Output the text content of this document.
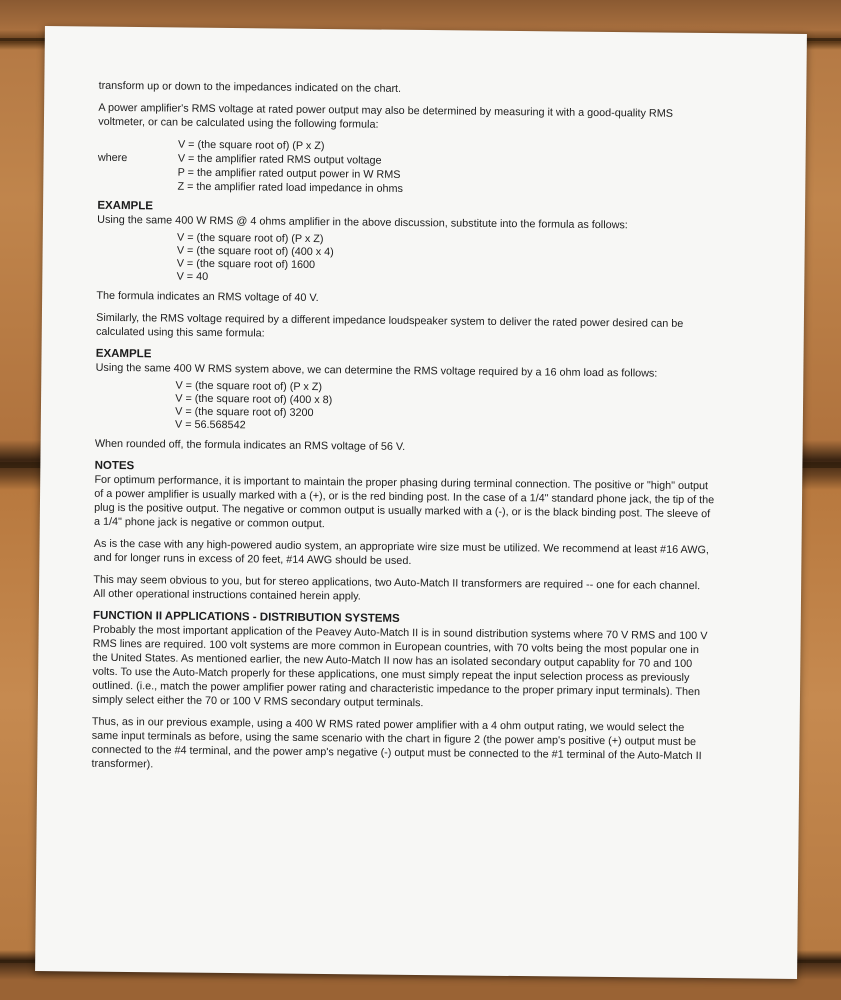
transform up or down to the impedances indicated on the chart.
A power amplifier's RMS voltage at rated power output may also be determined by measuring it with a good-quality RMS voltmeter, or can be calculated using the following formula:
V = (the square root of) (P x Z)
where	V = the amplifier rated RMS output voltage
P = the amplifier rated output power in W RMS
Z = the amplifier rated load impedance in ohms
EXAMPLE
Using the same 400 W RMS @ 4 ohms amplifier in the above discussion, substitute into the formula as follows:
V = (the square root of) (P x Z)
V = (the square root of) (400 x 4)
V = (the square root of) 1600
V = 40
The formula indicates an RMS voltage of 40 V.
Similarly, the RMS voltage required by a different impedance loudspeaker system to deliver the rated power desired can be calculated using this same formula:
EXAMPLE
Using the same 400 W RMS system above, we can determine the RMS voltage required by a 16 ohm load as follows:
V = (the square root of) (P x Z)
V = (the square root of) (400 x 8)
V = (the square root of) 3200
V = 56.568542
When rounded off, the formula indicates an RMS voltage of 56 V.
NOTES
For optimum performance, it is important to maintain the proper phasing during terminal connection. The positive or "high" output of a power amplifier is usually marked with a (+), or is the red binding post. In the case of a 1/4" standard phone jack, the tip of the plug is the positive output. The negative or common output is usually marked with a (-), or is the black binding post. The sleeve of a 1/4" phone jack is negative or common output.
As is the case with any high-powered audio system, an appropriate wire size must be utilized. We recommend at least #16 AWG, and for longer runs in excess of 20 feet, #14 AWG should be used.
This may seem obvious to you, but for stereo applications, two Auto-Match II transformers are required -- one for each channel. All other operational instructions contained herein apply.
FUNCTION II APPLICATIONS - DISTRIBUTION SYSTEMS
Probably the most important application of the Peavey Auto-Match II is in sound distribution systems where 70 V RMS and 100 V RMS lines are required. 100 volt systems are more common in European countries, with 70 volts being the most popular one in the United States. As mentioned earlier, the new Auto-Match II now has an isolated secondary output capablity for 70 and 100 volts. To use the Auto-Match properly for these applications, one must simply repeat the input selection process as previously outlined. (i.e., match the power amplifier power rating and characteristic impedance to the proper primary input terminals). Then simply select either the 70 or 100 V RMS secondary output terminals.
Thus, as in our previous example, using a 400 W RMS rated power amplifier with a 4 ohm output rating, we would select the same input terminals as before, using the same scenario with the chart in figure 2 (the power amp's positive (+) output must be connected to the #4 terminal, and the power amp's negative (-) output must be connected to the #1 terminal of the Auto-Match II transformer).
